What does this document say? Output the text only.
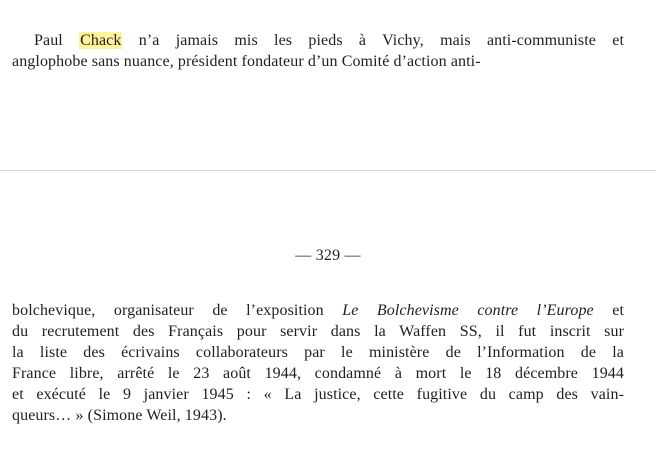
Paul Chack n’a jamais mis les pieds à Vichy, mais anti-communiste et
anglophobe sans nuance, président fondateur d’un Comité d’action anti-

— 329 —

bolchevique, organisateur de l’exposition Le Bolchevisme contre l’Europe et
du recrutement des Français pour servir dans la Waffen SS, il fut inscrit sur
la liste des écrivains collaborateurs par le ministère de l’Information de la
France libre, arrêté le 23 août 1944, condamné à mort le 18 décembre 1944
et exécuté le 9 janvier 1945 : « La justice, cette fugitive du camp des vain-
queurs… » (Simone Weil, 1943).
